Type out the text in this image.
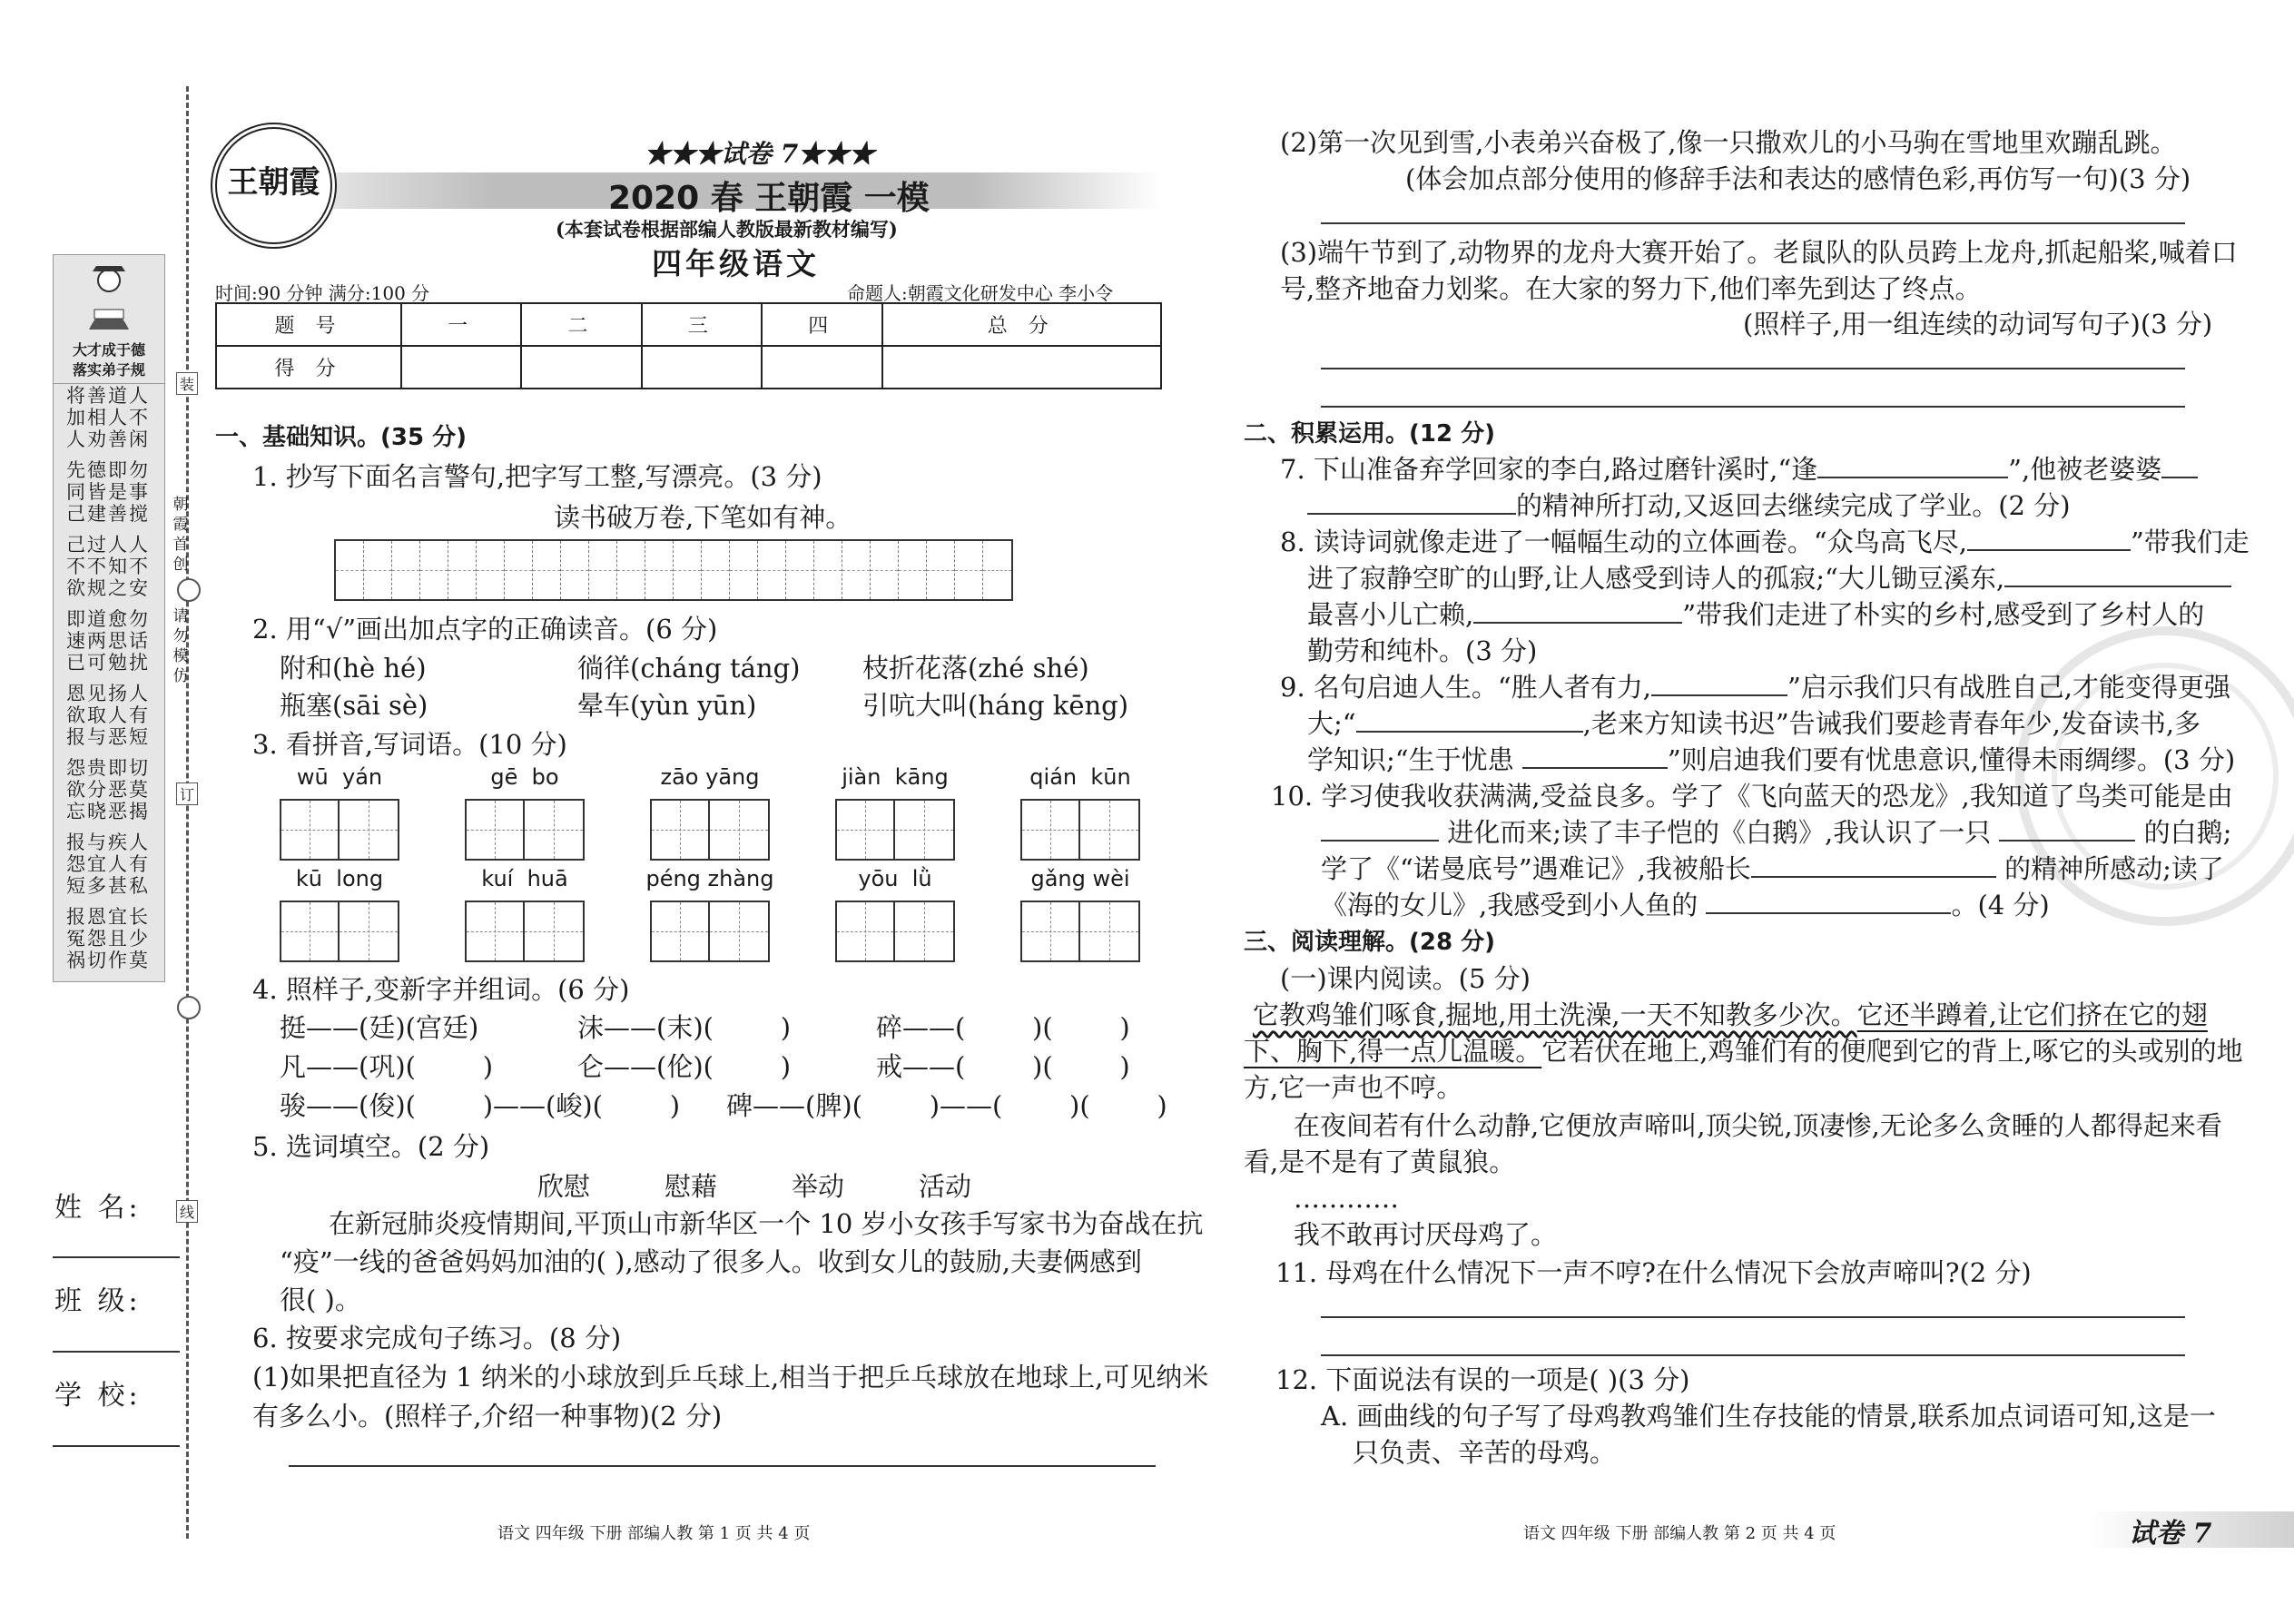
装
朝霞首创
请勿模仿
订
线
大才成于德
落实弟子规
将善道人
加相人不
人劝善闲
先德即勿
同皆是事
己建善搅
己过人人
不不知不
欲规之安
即道愈勿
速两思话
已可勉扰
恩见扬人
欲取人有
报与恶短
怨贵即切
欲分恶莫
忘晓恶揭
报与疾人
怨宜人有
短多甚私
报恩宜长
冤怨且少
祸切作莫
姓 名:
班 级:
学 校:
王朝霞
★★★试卷 7★★★
2020 春 王朝霞 一模
(本套试卷根据部编人教版最新教材编写)
四年级语文
时间:90 分钟 满分:100 分	命题人:朝霞文化研发中心 李小令
题 号	一	二	三	四	总 分
得 分					
一、基础知识。(35 分)
1. 抄写下面名言警句,把字写工整,写漂亮。(3 分)
读书破万卷,下笔如有神。
2. 用“√”画出加点字的正确读音。(6 分)
附和(hè hé)	徜徉(cháng táng) 枝折花落(zhé shé)
瓶塞(sāi sè)	晕车(yùn yūn)	引吭大叫(háng kēng)
3. 看拼音,写词语。(10 分)
wū  yán	gē  bo	zāo yāng	jiàn  kāng	qián  kūn
kū  long	kuí  huā	péng zhàng	yōu  lǜ	gǎng wèi
4. 照样子,变新字并组词。(6 分)
挺——(廷)(宫廷)	沫——(末)(        )	碎——(        )(        )
凡——(巩)(        )	仑——(伦)(        )	戒——(        )(        )
骏——(俊)(        )——(峻)(        ) 碑——(脾)(        )——(        )(        )
5. 选词填空。(2 分)
欣慰	慰藉	举动	活动
在新冠肺炎疫情期间,平顶山市新华区一个 10 岁小女孩手写家书为奋战在抗
“疫”一线的爸爸妈妈加油的( ),感动了很多人。收到女儿的鼓励,夫妻俩感到
很( )。
6. 按要求完成句子练习。(8 分)
(1)如果把直径为 1 纳米的小球放到乒乓球上,相当于把乒乓球放在地球上,可见纳米
有多么小。(照样子,介绍一种事物)(2 分)
语文 四年级 下册 部编人教 第 1 页 共 4 页
(2)第一次见到雪,小表弟兴奋极了,像一只撒欢儿的小马驹在雪地里欢蹦乱跳。
(体会加点部分使用的修辞手法和表达的感情色彩,再仿写一句)(3 分)
(3)端午节到了,动物界的龙舟大赛开始了。老鼠队的队员跨上龙舟,抓起船桨,喊着口
号,整齐地奋力划桨。在大家的努力下,他们率先到达了终点。
(照样子,用一组连续的动词写句子)(3 分)
二、积累运用。(12 分)
7. 下山准备弃学回家的李白,路过磨针溪时,“逢	”,他被老婆婆
的精神所打动,又返回去继续完成了学业。(2 分)
8. 读诗词就像走进了一幅幅生动的立体画卷。“众鸟高飞尽,	”带我们走
进了寂静空旷的山野,让人感受到诗人的孤寂;“大儿锄豆溪东,
最喜小儿亡赖,	”带我们走进了朴实的乡村,感受到了乡村人的
勤劳和纯朴。(3 分)
9. 名句启迪人生。“胜人者有力,	”启示我们只有战胜自己,才能变得更强
大;“	,老来方知读书迟”告诫我们要趁青春年少,发奋读书,多
学知识;“生于忧患	”则启迪我们要有忧患意识,懂得未雨绸缪。(3 分)
10. 学习使我收获满满,受益良多。学了《飞向蓝天的恐龙》,我知道了鸟类可能是由
进化而来;读了丰子恺的《白鹅》,我认识了一只	的白鹅;
学了《“诺曼底号”遇难记》,我被船长	的精神所感动;读了
《海的女儿》,我感受到小人鱼的	。(4 分)
三、阅读理解。(28 分)
(一)课内阅读。(5 分)
它教鸡雏们啄食,掘地,用土洗澡,一天不知教多少次。它还半蹲着,让它们挤在它的翅
下、胸下,得一点儿温暖。它若伏在地上,鸡雏们有的便爬到它的背上,啄它的头或别的地
方,它一声也不哼。
在夜间若有什么动静,它便放声啼叫,顶尖锐,顶凄惨,无论多么贪睡的人都得起来看
看,是不是有了黄鼠狼。
…………
我不敢再讨厌母鸡了。
11. 母鸡在什么情况下一声不哼?在什么情况下会放声啼叫?(2 分)
12. 下面说法有误的一项是( )(3 分)
A. 画曲线的句子写了母鸡教鸡雏们生存技能的情景,联系加点词语可知,这是一
只负责、辛苦的母鸡。
语文 四年级 下册 部编人教 第 2 页 共 4 页	试卷 7
